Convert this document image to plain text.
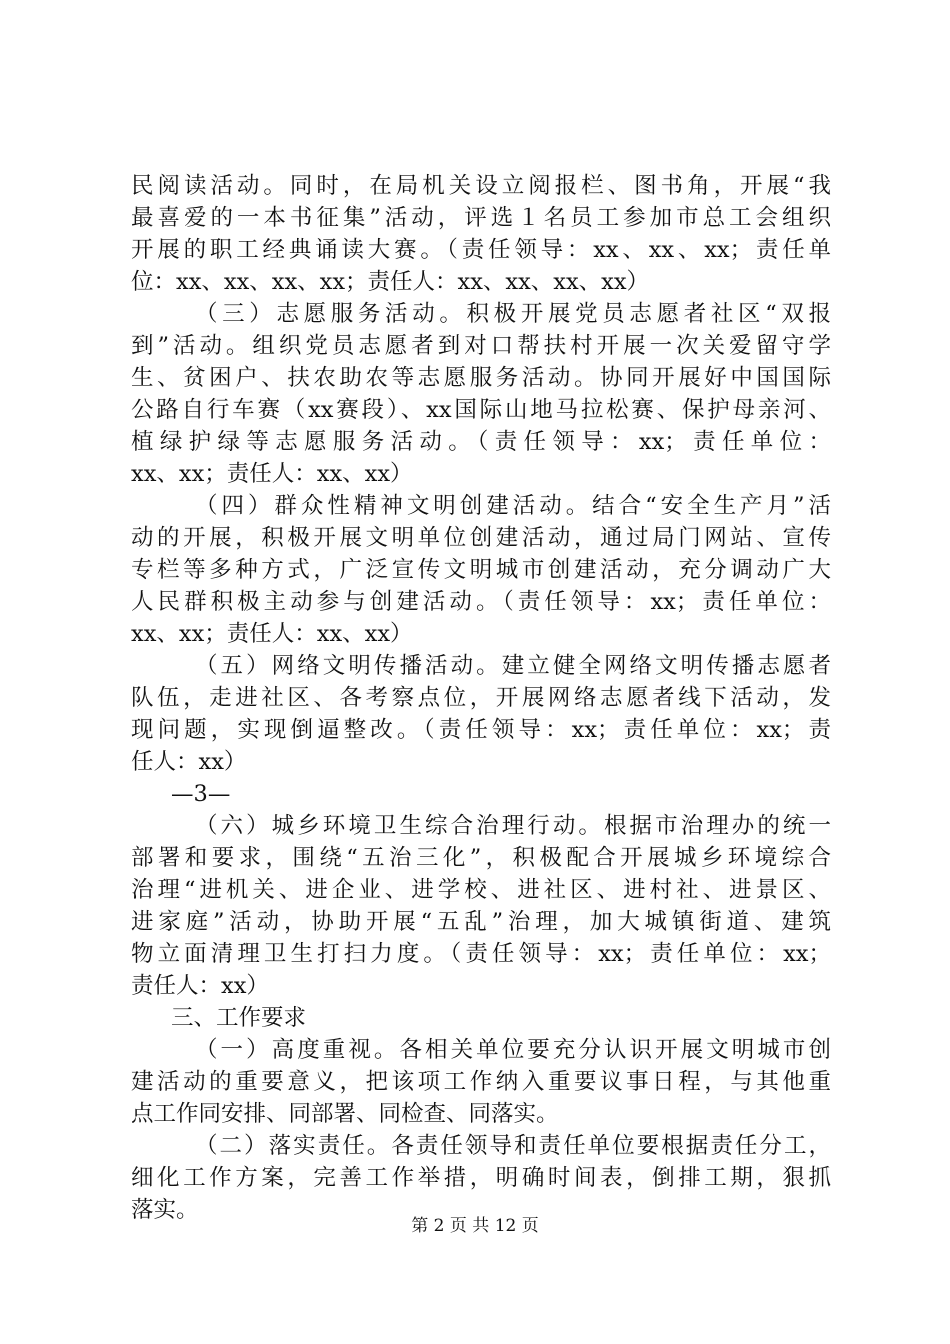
民阅读活动。同时，在局机关设立阅报栏、图书角，开展“我
最喜爱的一本书征集”活动，评选１名员工参加市总工会组织
开展的职工经典诵读大赛。（责任领导：xx、xx、xx；责任单
位：xx、xx、xx、xx；责任人：xx、xx、xx、xx）
（三）志愿服务活动。积极开展党员志愿者社区“双报
到”活动。组织党员志愿者到对口帮扶村开展一次关爱留守学
生、贫困户、扶农助农等志愿服务活动。协同开展好中国国际
公路自行车赛（xx赛段）、xx国际山地马拉松赛、保护母亲河、
植绿护绿等志愿服务活动。（责任领导：xx；责任单位：
xx、xx；责任人：xx、xx）
（四）群众性精神文明创建活动。结合“安全生产月”活
动的开展，积极开展文明单位创建活动，通过局门网站、宣传
专栏等多种方式，广泛宣传文明城市创建活动，充分调动广大
人民群积极主动参与创建活动。（责任领导：xx；责任单位：
xx、xx；责任人：xx、xx）
（五）网络文明传播活动。建立健全网络文明传播志愿者
队伍，走进社区、各考察点位，开展网络志愿者线下活动，发
现问题，实现倒逼整改。（责任领导：xx；责任单位：xx；责
任人：xx）
—3—
（六）城乡环境卫生综合治理行动。根据市治理办的统一
部署和要求，围绕“五治三化”，积极配合开展城乡环境综合
治理“进机关、进企业、进学校、进社区、进村社、进景区、
进家庭”活动，协助开展“五乱”治理，加大城镇街道、建筑
物立面清理卫生打扫力度。（责任领导：xx；责任单位：xx；
责任人：xx）
三、工作要求
（一）高度重视。各相关单位要充分认识开展文明城市创
建活动的重要意义，把该项工作纳入重要议事日程，与其他重
点工作同安排、同部署、同检查、同落实。
（二）落实责任。各责任领导和责任单位要根据责任分工，
细化工作方案，完善工作举措，明确时间表，倒排工期，狠抓
落实。
第 2 页 共 12 页
